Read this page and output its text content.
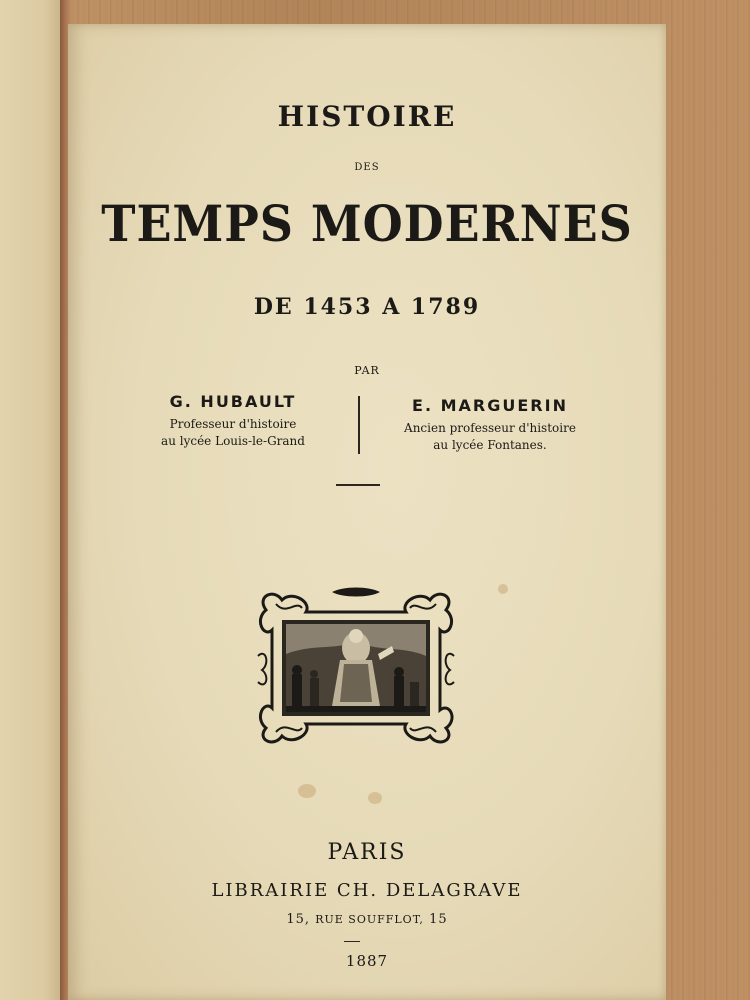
HISTOIRE
DES
TEMPS MODERNES
DE 1453 A 1789
PAR
G. HUBAULT
Professeur d'histoire
au lycée Louis-le-Grand
E. MARGUERIN
Ancien professeur d'histoire
au lycée Fontanes.
PARIS
LIBRAIRIE CH. DELAGRAVE
15, RUE SOUFFLOT, 15
1887
